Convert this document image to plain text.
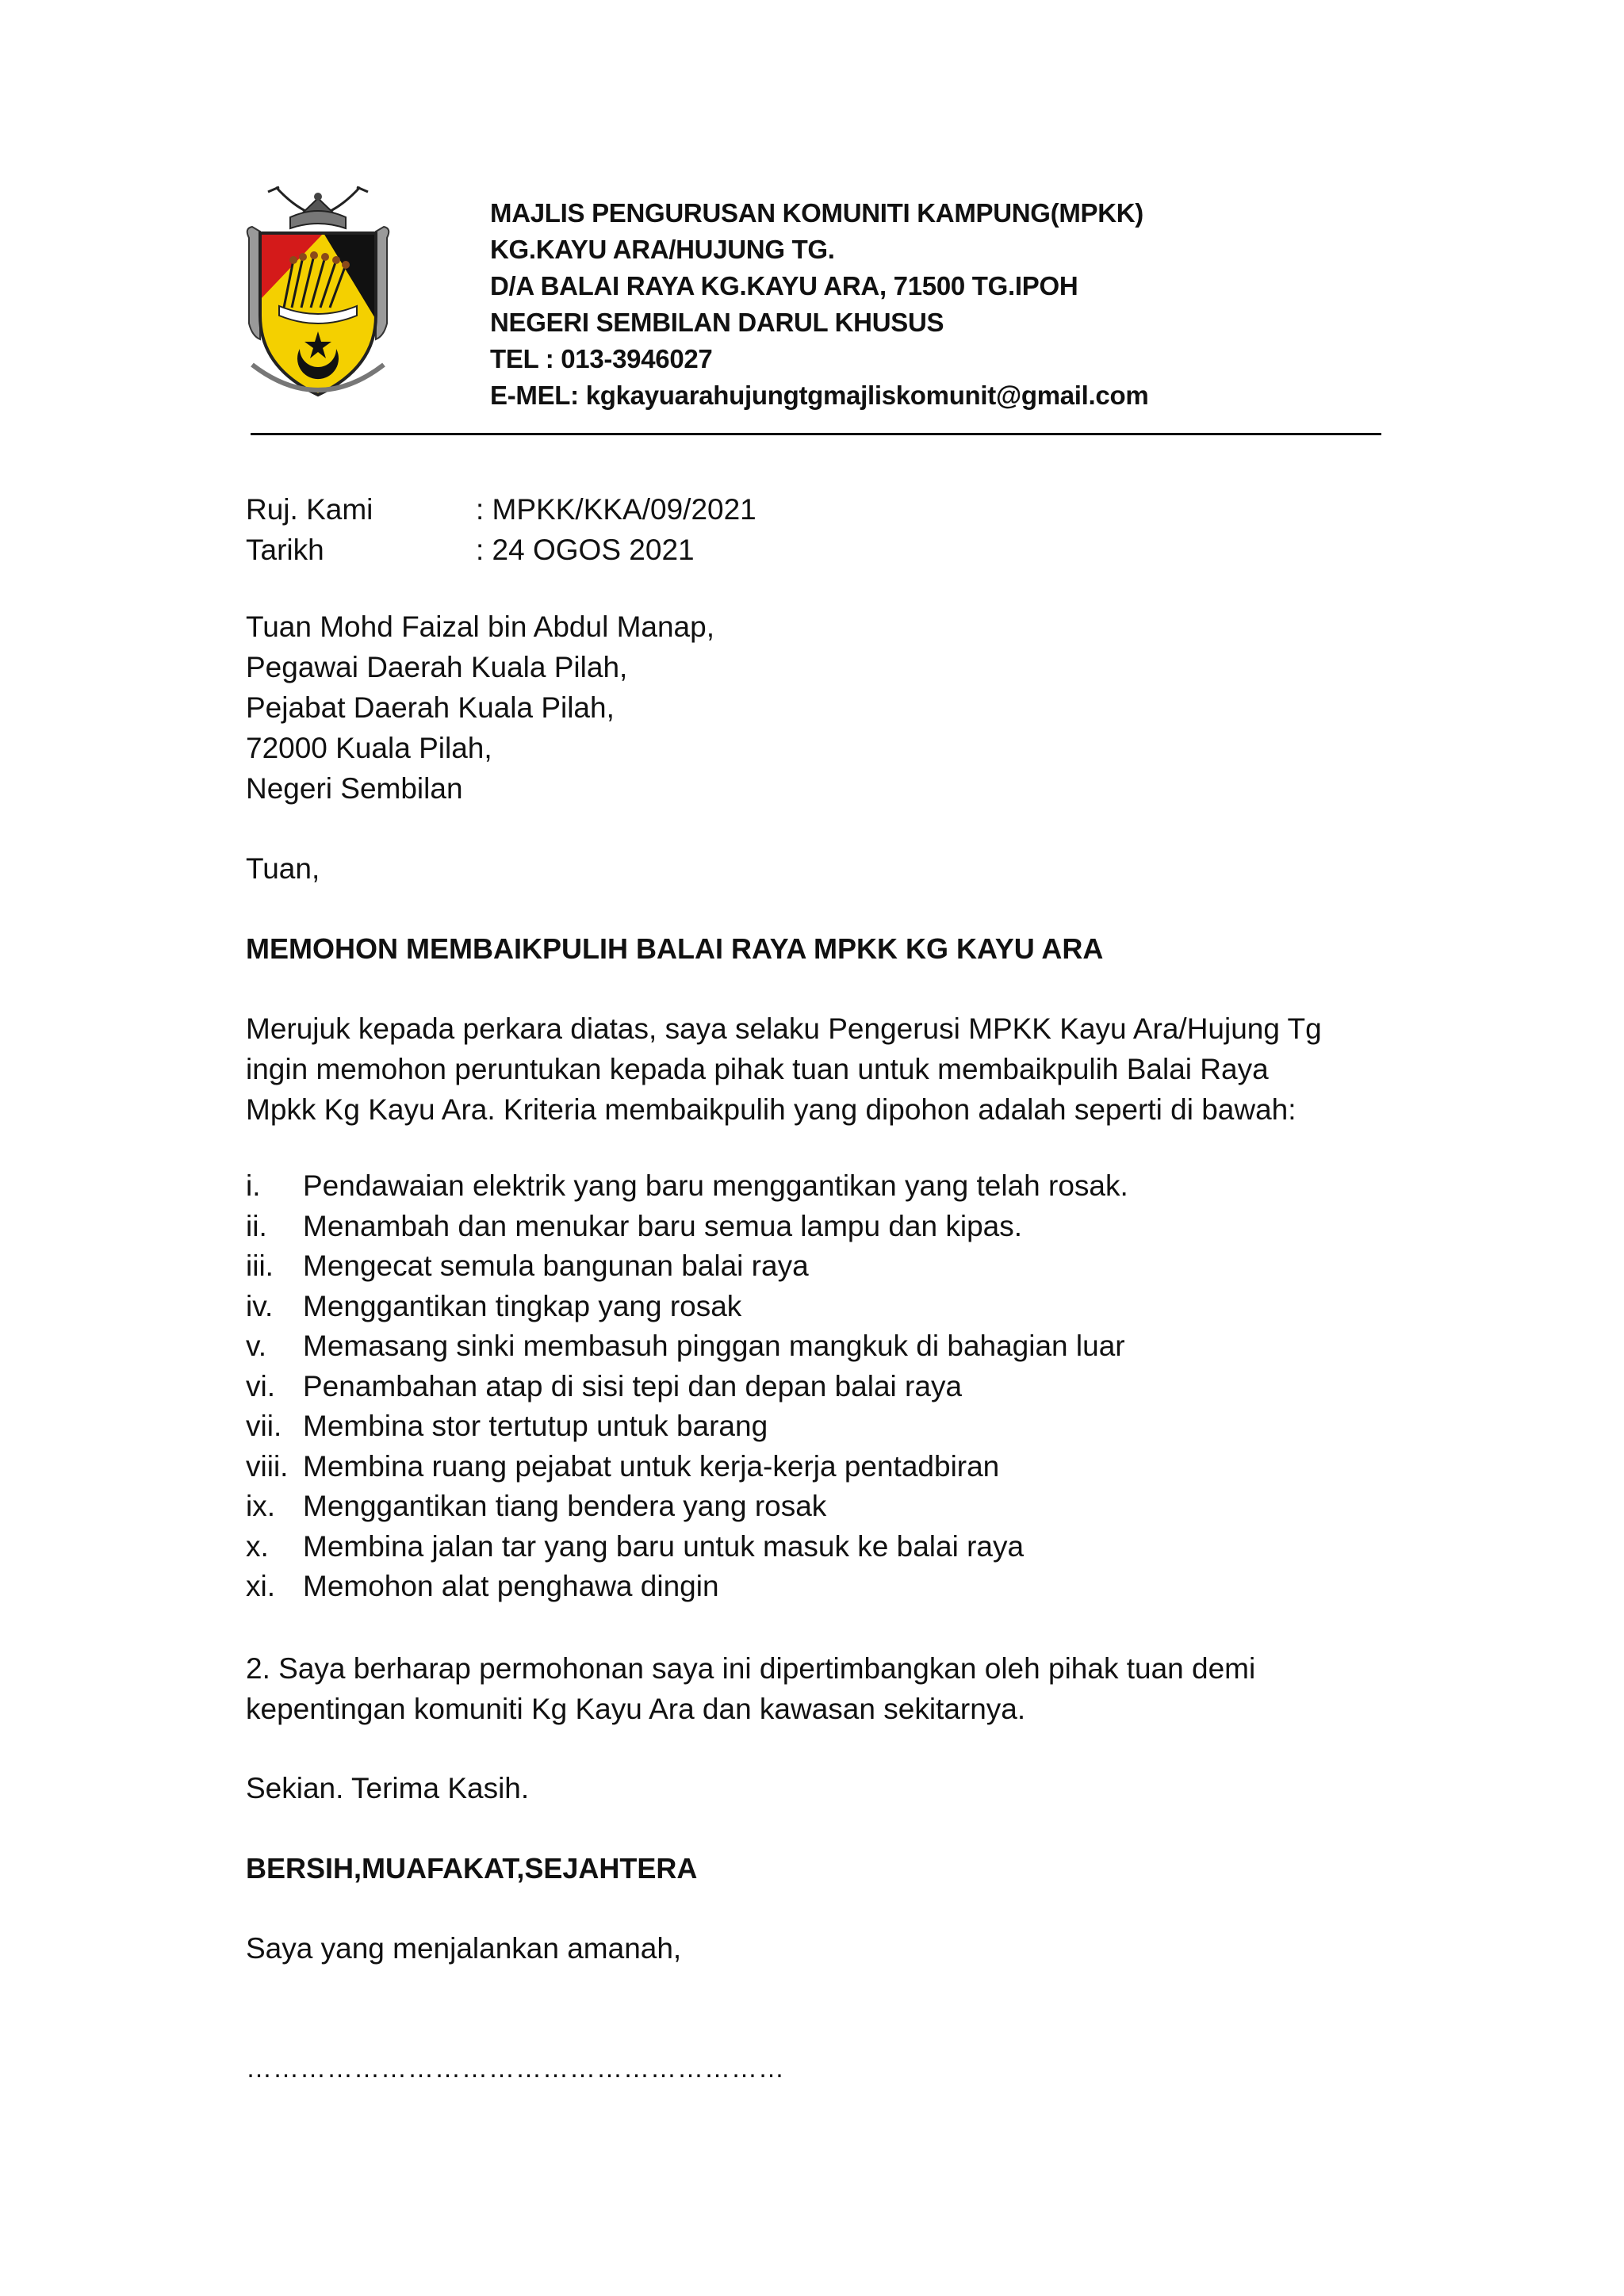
MAJLIS PENGURUSAN KOMUNITI KAMPUNG(MPKK)
KG.KAYU ARA/HUJUNG TG.
D/A BALAI RAYA KG.KAYU ARA, 71500 TG.IPOH
NEGERI SEMBILAN DARUL KHUSUS
TEL : 013-3946027
E-MEL: kgkayuarahujungtgmajliskomunit@gmail.com
Ruj. Kami	: MPKK/KKA/09/2021
Tarikh	: 24 OGOS 2021
Tuan Mohd Faizal bin Abdul Manap,
Pegawai Daerah Kuala Pilah,
Pejabat Daerah Kuala Pilah,
72000 Kuala Pilah,
Negeri Sembilan
Tuan,
MEMOHON MEMBAIKPULIH BALAI RAYA MPKK KG KAYU ARA
Merujuk kepada perkara diatas, saya selaku Pengerusi MPKK Kayu Ara/Hujung Tg
ingin memohon peruntukan kepada pihak tuan untuk membaikpulih Balai Raya
Mpkk Kg Kayu Ara. Kriteria membaikpulih yang dipohon adalah seperti di bawah:
i. Pendawaian elektrik yang baru menggantikan yang telah rosak.
ii. Menambah dan menukar baru semua lampu dan kipas.
iii. Mengecat semula bangunan balai raya
iv. Menggantikan tingkap yang rosak
v. Memasang sinki membasuh pinggan mangkuk di bahagian luar
vi. Penambahan atap di sisi tepi dan depan balai raya
vii. Membina stor tertutup untuk barang
viii. Membina ruang pejabat untuk kerja-kerja pentadbiran
ix. Menggantikan tiang bendera yang rosak
x. Membina jalan tar yang baru untuk masuk ke balai raya
xi. Memohon alat penghawa dingin
2. Saya berharap permohonan saya ini dipertimbangkan oleh pihak tuan demi
kepentingan komuniti Kg Kayu Ara dan kawasan sekitarnya.
Sekian. Terima Kasih.
BERSIH,MUAFAKAT,SEJAHTERA
Saya yang menjalankan amanah,
……………………………………………………
